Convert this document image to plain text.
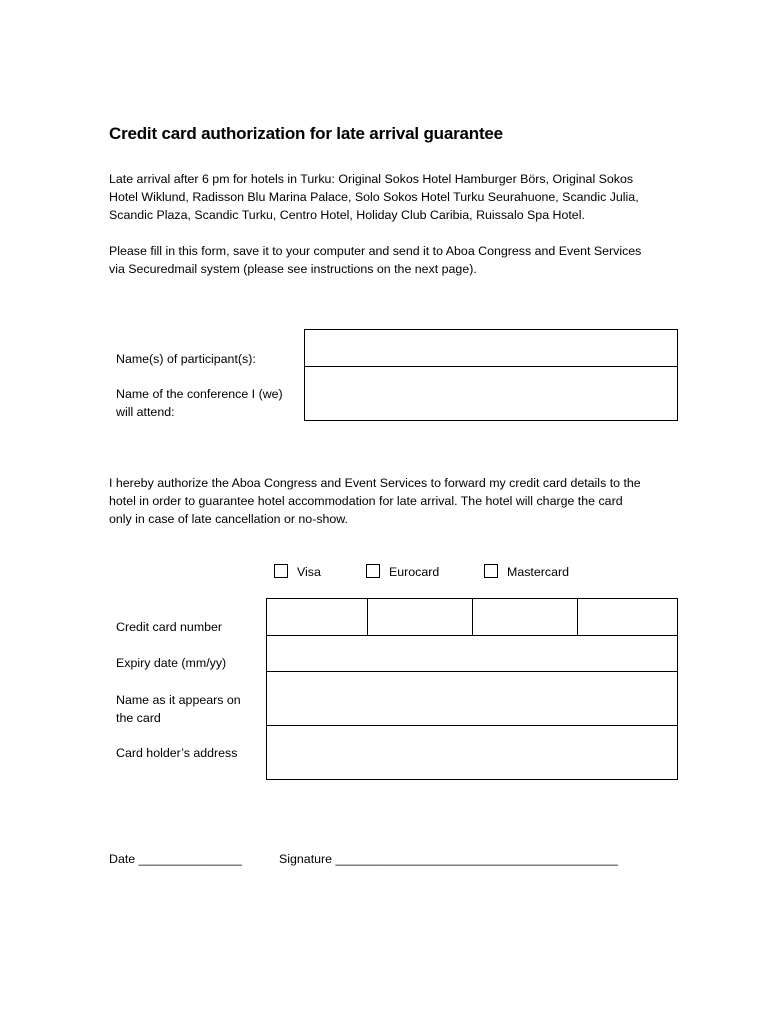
Credit card authorization for late arrival guarantee
Late arrival after 6 pm for hotels in Turku: Original Sokos Hotel Hamburger Börs, Original Sokos
Hotel Wiklund, Radisson Blu Marina Palace, Solo Sokos Hotel Turku Seurahuone, Scandic Julia,
Scandic Plaza, Scandic Turku, Centro Hotel, Holiday Club Caribia, Ruissalo Spa Hotel.
Please fill in this form, save it to your computer and send it to Aboa Congress and Event Services
via Securedmail system (please see instructions on the next page).
Name(s) of participant(s):
Name of the conference I (we)
will attend:
I hereby authorize the Aboa Congress and Event Services to forward my credit card details to the
hotel in order to guarantee hotel accommodation for late arrival. The hotel will charge the card
only in case of late cancellation or no-show.
Visa	Eurocard	Mastercard
Credit card number
Expiry date (mm/yy)
Name as it appears on
the card
Card holder’s address
Date _______________	Signature _________________________________________
